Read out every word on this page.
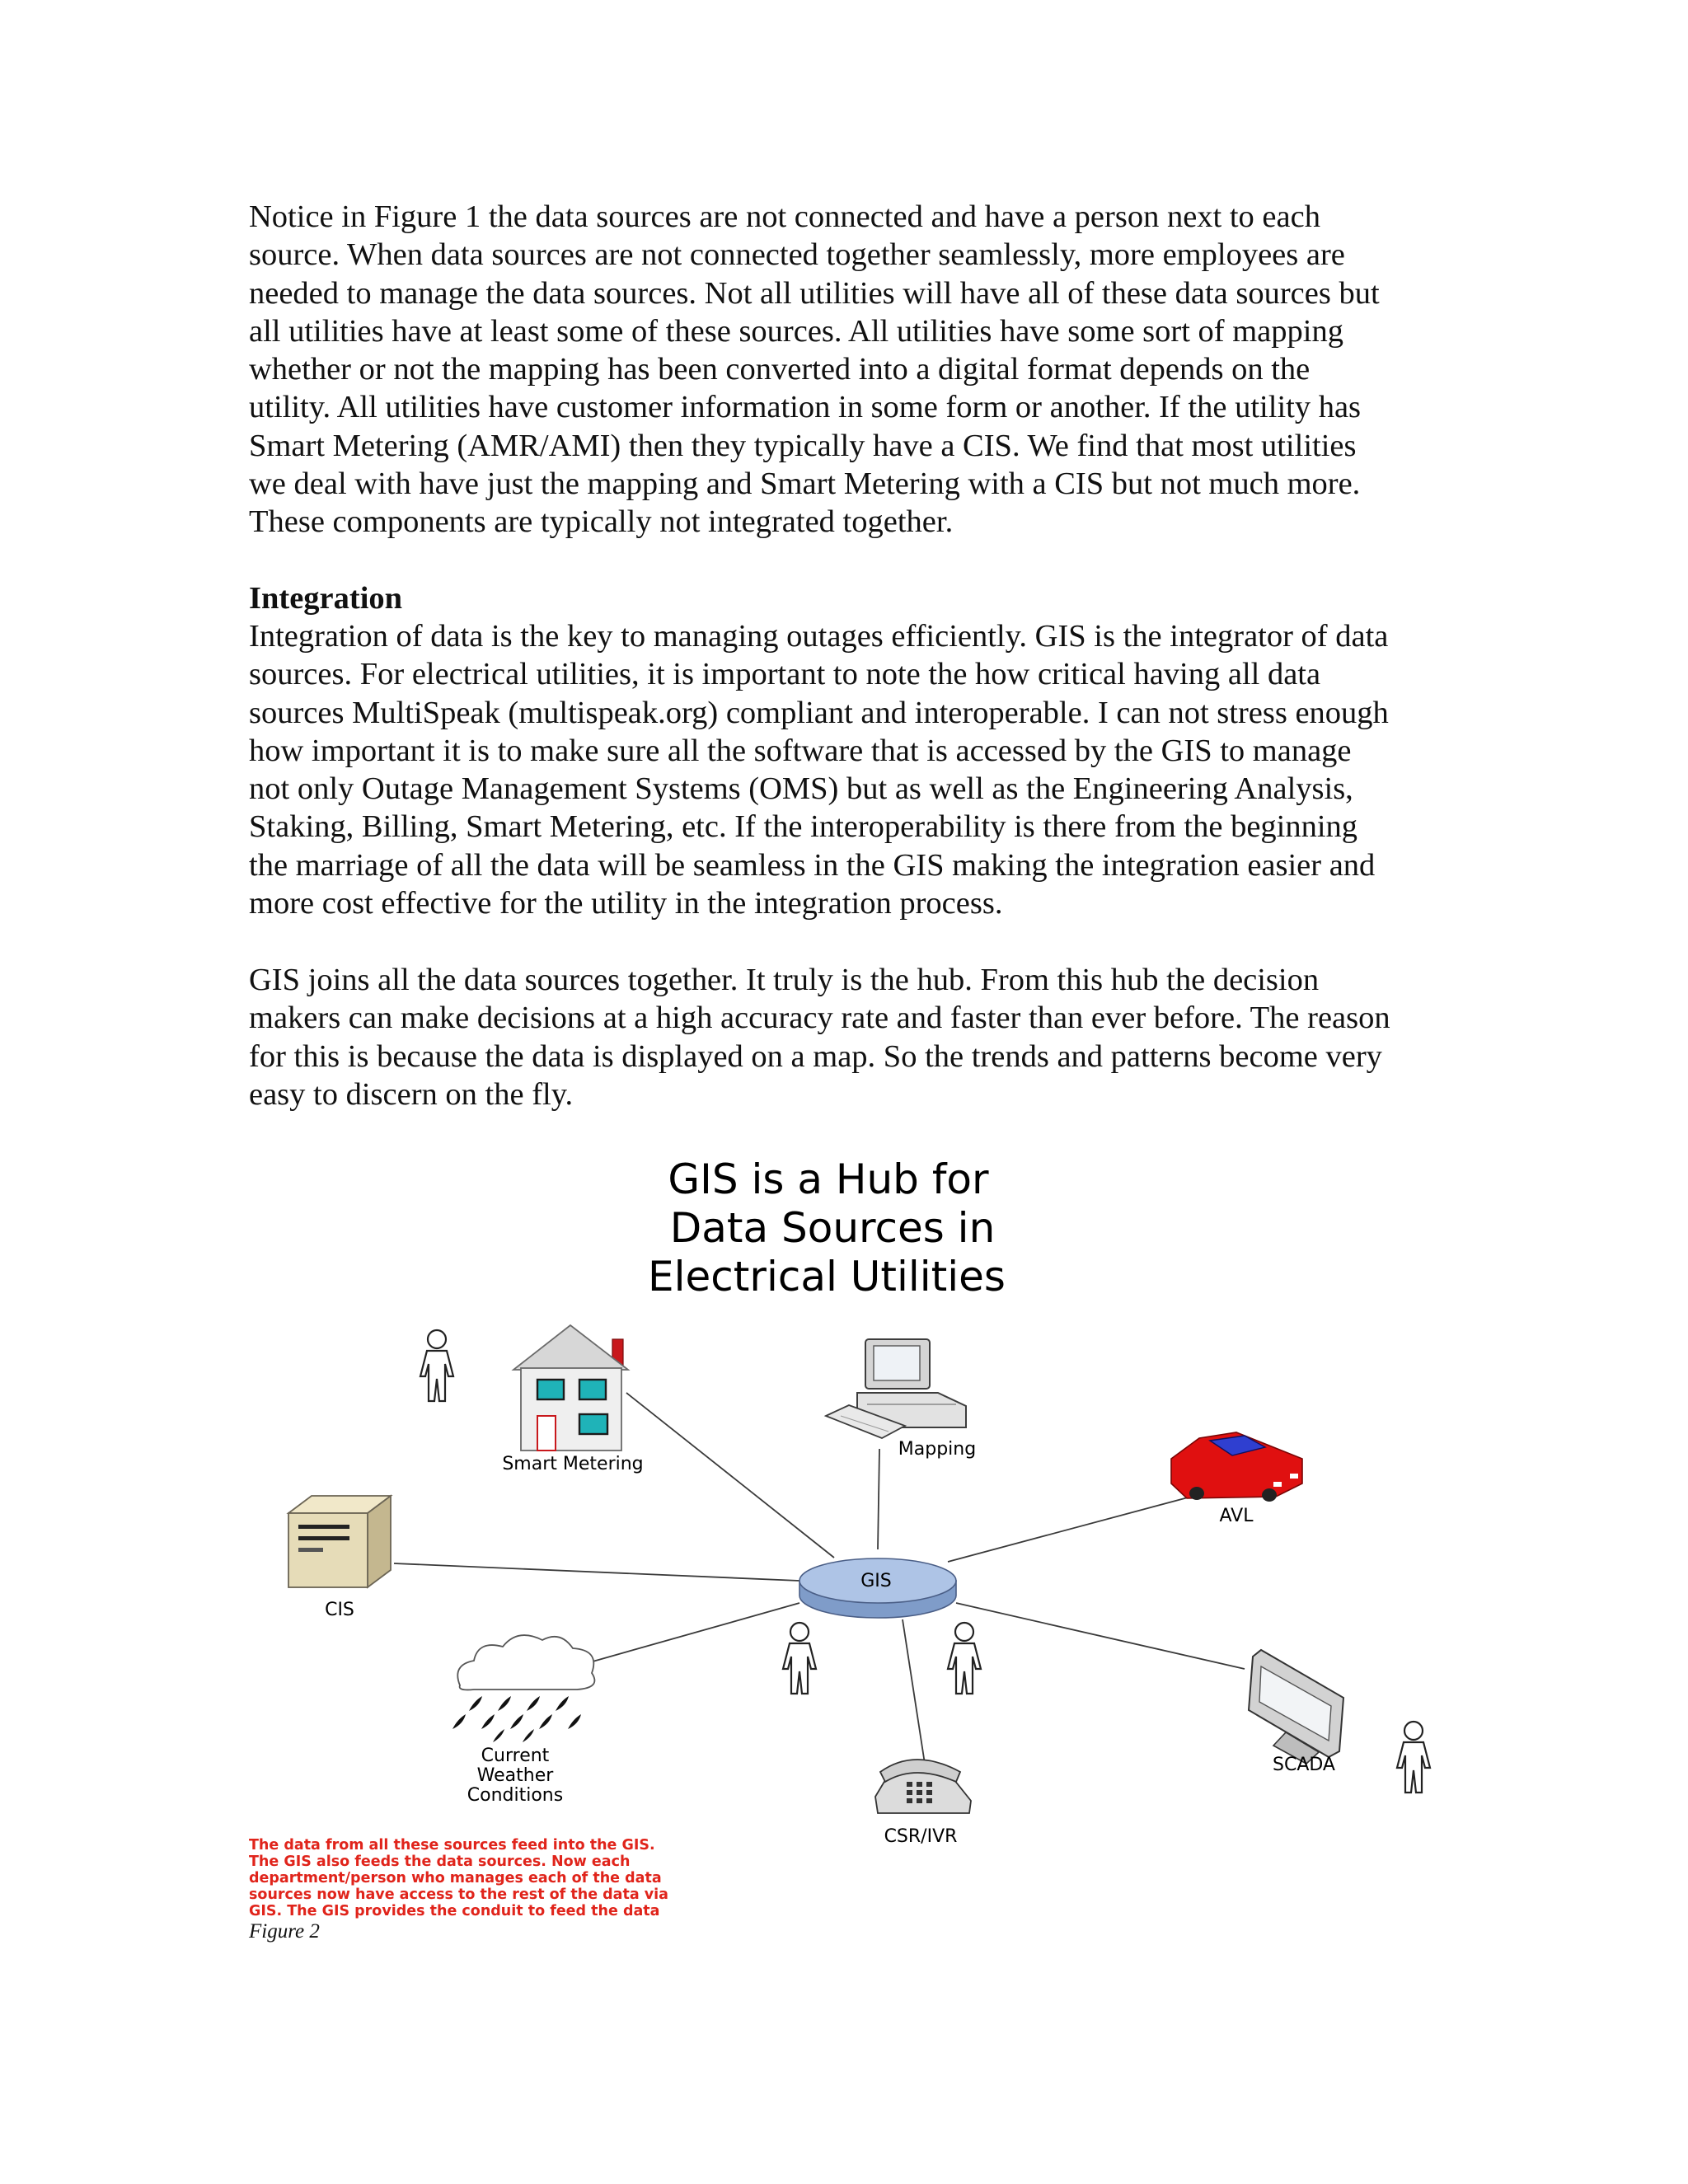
Notice in Figure 1 the data sources are not connected and have a person next to each
source. When data sources are not connected together seamlessly, more employees are
needed to manage the data sources. Not all utilities will have all of these data sources but
all utilities have at least some of these sources. All utilities have some sort of mapping
whether or not the mapping has been converted into a digital format depends on the
utility. All utilities have customer information in some form or another. If the utility has
Smart Metering (AMR/AMI) then they typically have a CIS. We find that most utilities
we deal with have just the mapping and Smart Metering with a CIS but not much more.
These components are typically not integrated together.

Integration

Integration of data is the key to managing outages efficiently. GIS is the integrator of data
sources. For electrical utilities, it is important to note the how critical having all data
sources MultiSpeak (multispeak.org) compliant and interoperable. I can not stress enough
how important it is to make sure all the software that is accessed by the GIS to manage
not only Outage Management Systems (OMS) but as well as the Engineering Analysis,
Staking, Billing, Smart Metering, etc. If the interoperability is there from the beginning
the marriage of all the data will be seamless in the GIS making the integration easier and
more cost effective for the utility in the integration process.

GIS joins all the data sources together. It truly is the hub. From this hub the decision
makers can make decisions at a high accuracy rate and faster than ever before. The reason
for this is because the data is displayed on a map. So the trends and patterns become very
easy to discern on the fly.

GIS is a Hub for
Data Sources in
Electrical Utilities
GIS
Smart Metering
Mapping
AVL
CIS
Current
Weather
Conditions
CSR/IVR
SCADA
The data from all these sources feed into the GIS.
The GIS also feeds the data sources. Now each
department/person who manages each of the data
sources now have access to the rest of the data via
GIS. The GIS provides the conduit to feed the data
Figure 2
